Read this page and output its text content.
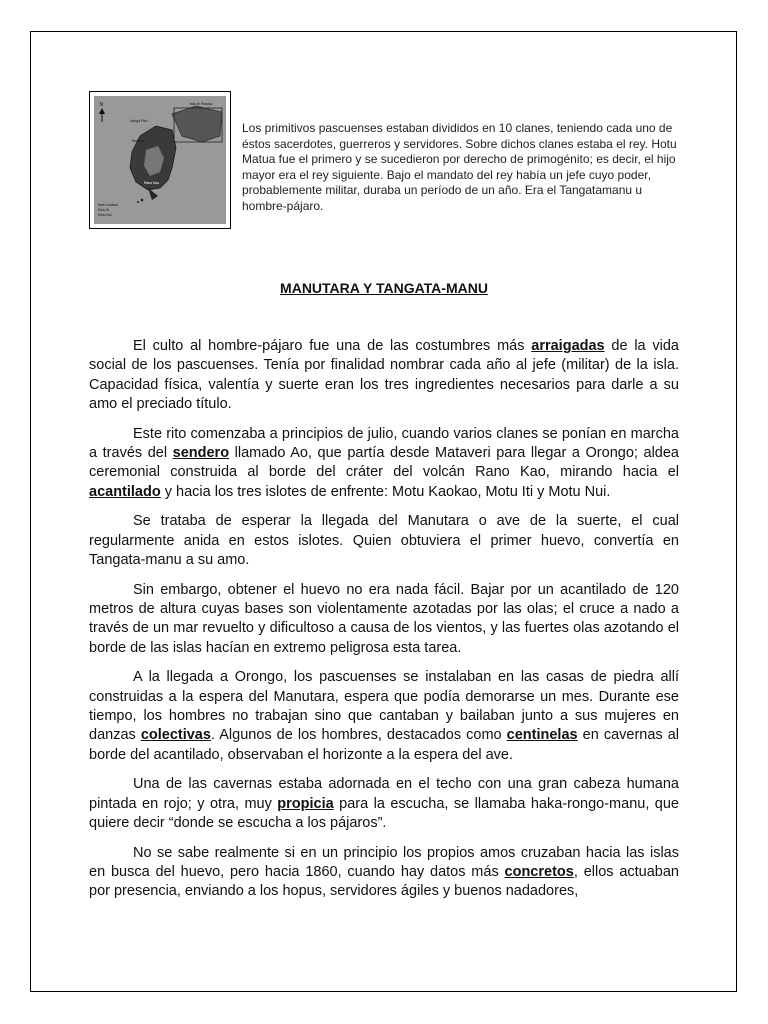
N	Isla de Pascua
Hanga Piko
Mataveri
Rano Kau
Motu Kaokao
Motu Iti
Motu Nui
Los primitivos pascuenses estaban divididos en 10 clanes, teniendo cada uno de éstos sacerdotes, guerreros y servidores. Sobre dichos clanes estaba el rey. Hotu Matua fue el primero y se sucedieron por derecho de primogénito; es decir, el hijo mayor era el rey siguiente. Bajo el mandato del rey había un jefe cuyo poder, probablemente militar, duraba un período de un año. Era el Tangatamanu u hombre-pájaro.
MANUTARA Y TANGATA-MANU

El culto al hombre-pájaro fue una de las costumbres más arraigadas de la vida social de los pascuenses. Tenía por finalidad nombrar cada año al jefe (militar) de la isla. Capacidad física, valentía y suerte eran los tres ingredientes necesarios para darle a su amo el preciado título.

Este rito comenzaba a principios de julio, cuando varios clanes se ponían en marcha a través del sendero llamado Ao, que partía desde Mataveri para llegar a Orongo; aldea ceremonial construida al borde del cráter del volcán Rano Kao, mirando hacia el acantilado y hacia los tres islotes de enfrente: Motu Kaokao, Motu Iti y Motu Nui.

Se trataba de esperar la llegada del Manutara o ave de la suerte, el cual regularmente anida en estos islotes. Quien obtuviera el primer huevo, convertía en Tangata-manu a su amo.

Sin embargo, obtener el huevo no era nada fácil. Bajar por un acantilado de 120 metros de altura cuyas bases son violentamente azotadas por las olas; el cruce a nado a través de un mar revuelto y dificultoso a causa de los vientos, y las fuertes olas azotando el borde de las islas hacían en extremo peligrosa esta tarea.

A la llegada a Orongo, los pascuenses se instalaban en las casas de piedra allí construidas a la espera del Manutara, espera que podía demorarse un mes. Durante ese tiempo, los hombres no trabajan sino que cantaban y bailaban junto a sus mujeres en danzas colectivas. Algunos de los hombres, destacados como centinelas en cavernas al borde del acantilado, observaban el horizonte a la espera del ave.

Una de las cavernas estaba adornada en el techo con una gran cabeza humana pintada en rojo; y otra, muy propicia para la escucha, se llamaba haka-rongo-manu, que quiere decir “donde se escucha a los pájaros”.

No se sabe realmente si en un principio los propios amos cruzaban hacia las islas en busca del huevo, pero hacia 1860, cuando hay datos más concretos, ellos actuaban por presencia, enviando a los hopus, servidores ágiles y buenos nadadores,
